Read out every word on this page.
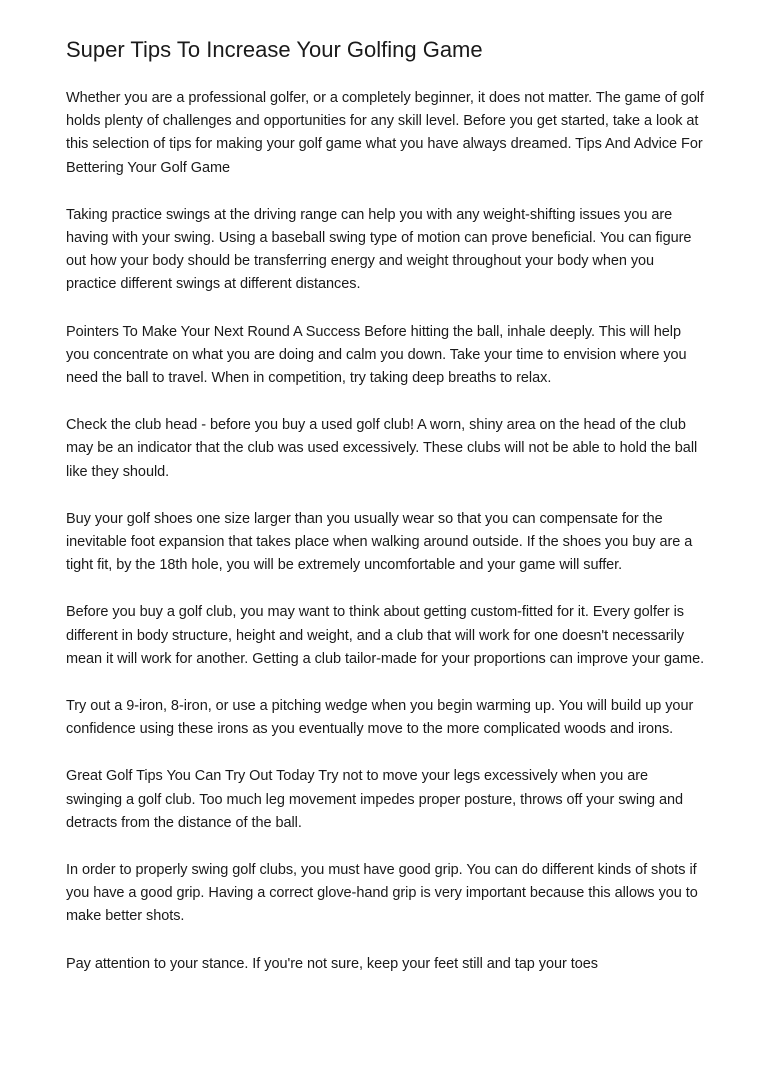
Super Tips To Increase Your Golfing Game

Whether you are a professional golfer, or a completely beginner, it does not matter. The game of golf holds plenty of challenges and opportunities for any skill level. Before you get started, take a look at this selection of tips for making your golf game what you have always dreamed. Tips And Advice For Bettering Your Golf Game

Taking practice swings at the driving range can help you with any weight-shifting issues you are having with your swing. Using a baseball swing type of motion can prove beneficial. You can figure out how your body should be transferring energy and weight throughout your body when you practice different swings at different distances.

Pointers To Make Your Next Round A Success Before hitting the ball, inhale deeply. This will help you concentrate on what you are doing and calm you down. Take your time to envision where you need the ball to travel. When in competition, try taking deep breaths to relax.

Check the club head - before you buy a used golf club! A worn, shiny area on the head of the club may be an indicator that the club was used excessively. These clubs will not be able to hold the ball like they should.

Buy your golf shoes one size larger than you usually wear so that you can compensate for the inevitable foot expansion that takes place when walking around outside. If the shoes you buy are a tight fit, by the 18th hole, you will be extremely uncomfortable and your game will suffer.

Before you buy a golf club, you may want to think about getting custom-fitted for it. Every golfer is different in body structure, height and weight, and a club that will work for one doesn't necessarily mean it will work for another. Getting a club tailor-made for your proportions can improve your game.

Try out a 9-iron, 8-iron, or use a pitching wedge when you begin warming up. You will build up your confidence using these irons as you eventually move to the more complicated woods and irons.

Great Golf Tips You Can Try Out Today Try not to move your legs excessively when you are swinging a golf club. Too much leg movement impedes proper posture, throws off your swing and detracts from the distance of the ball.

In order to properly swing golf clubs, you must have good grip. You can do different kinds of shots if you have a good grip. Having a correct glove-hand grip is very important because this allows you to make better shots.

Pay attention to your stance. If you're not sure, keep your feet still and tap your toes
